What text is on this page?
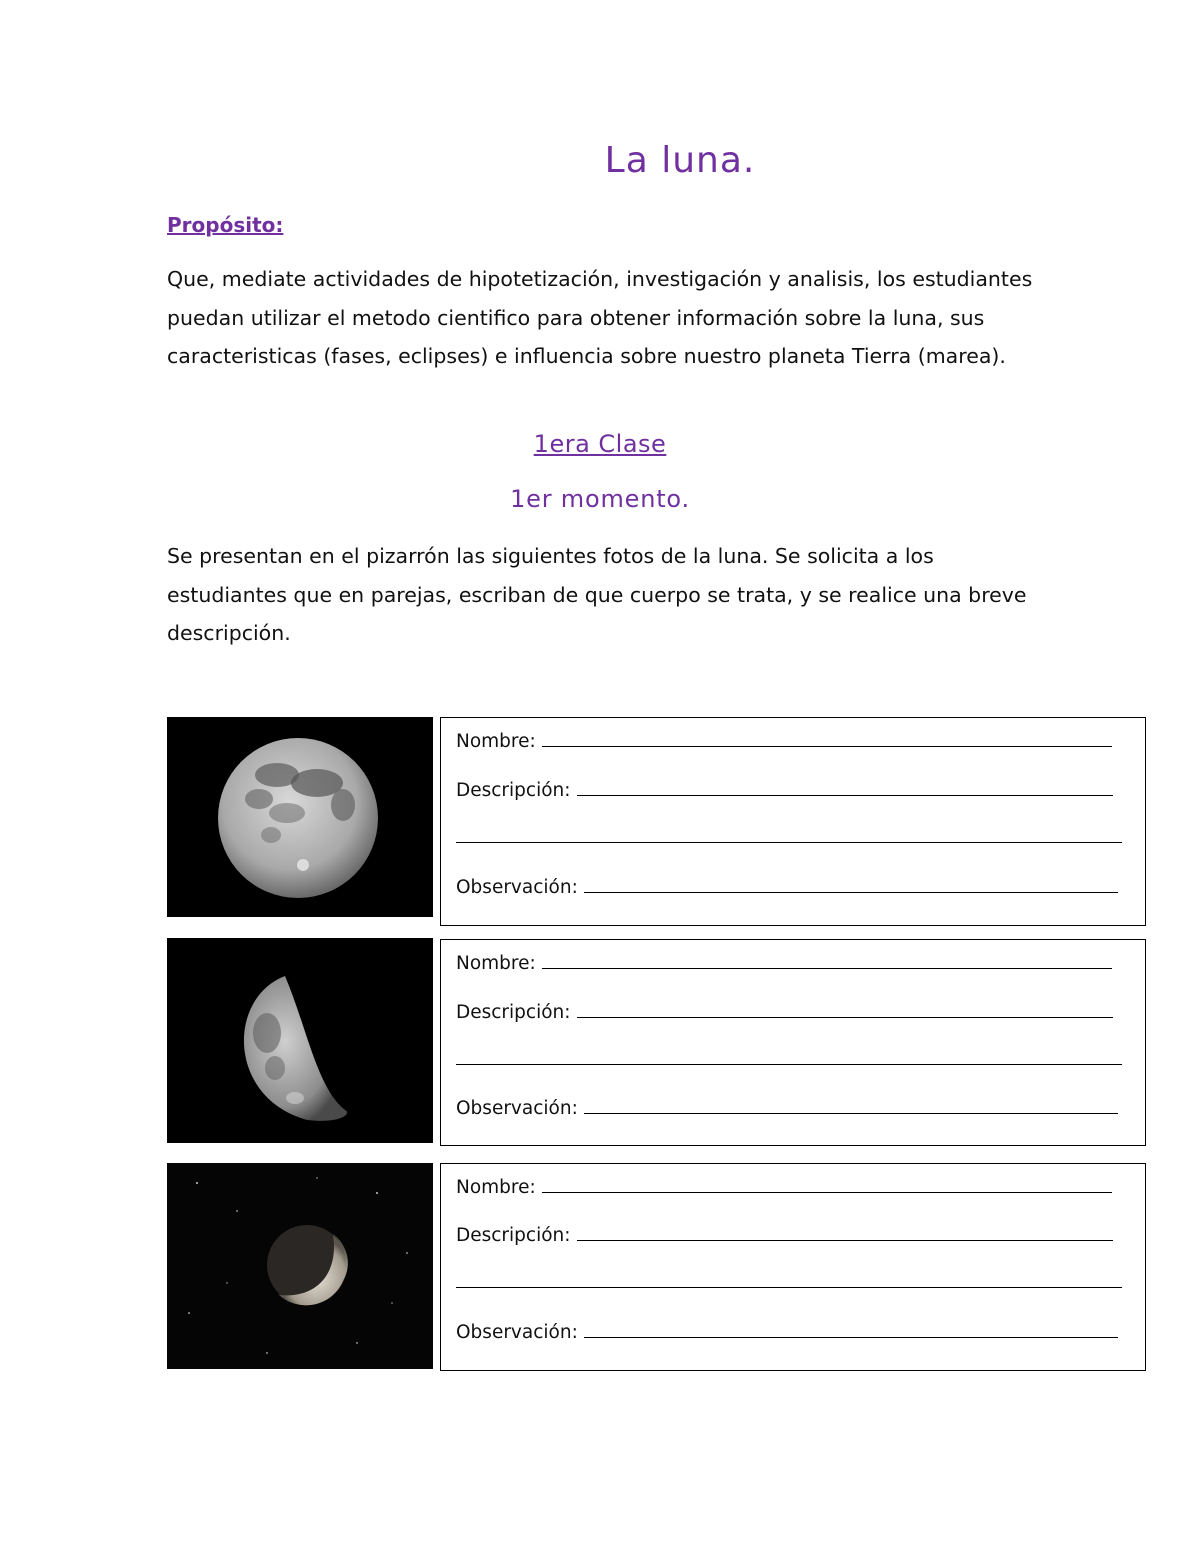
La luna.
Propósito:
Que, mediate actividades de hipotetización, investigación y analisis, los estudiantes puedan utilizar el metodo cientifico para obtener información sobre la luna, sus caracteristicas (fases, eclipses) e influencia sobre nuestro planeta Tierra (marea).
1era Clase
1er momento.
Se presentan en el pizarrón las siguientes fotos de la luna. Se solicita a los estudiantes que en parejas, escriban de que cuerpo se trata, y se realice una breve descripción.
Nombre:
Descripción:
Observación:
Nombre:
Descripción:
Observación:
Nombre:
Descripción:
Observación:
